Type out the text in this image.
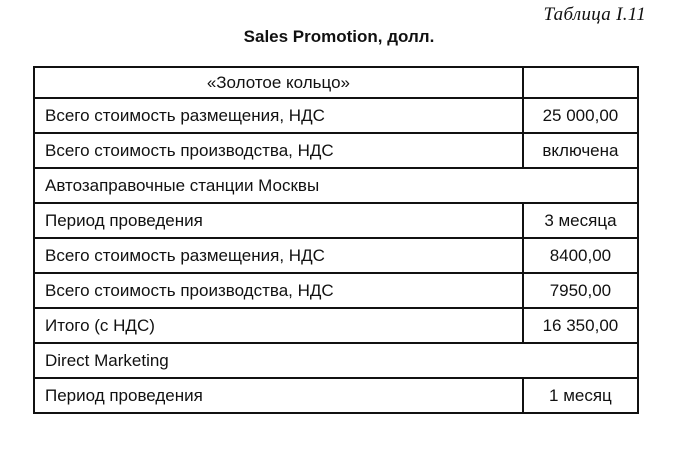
Таблица I.11
Sales Promotion, долл.
«Золотое кольцо»	
Всего стоимость размещения, НДС	25 000,00
Всего стоимость производства, НДС	включена
Автозаправочные станции Москвы	
Период проведения	3 месяца
Всего стоимость размещения, НДС	8400,00
Всего стоимость производства, НДС	7950,00
Итого (с НДС)	16 350,00
Direct Marketing	
Период проведения	1 месяц
